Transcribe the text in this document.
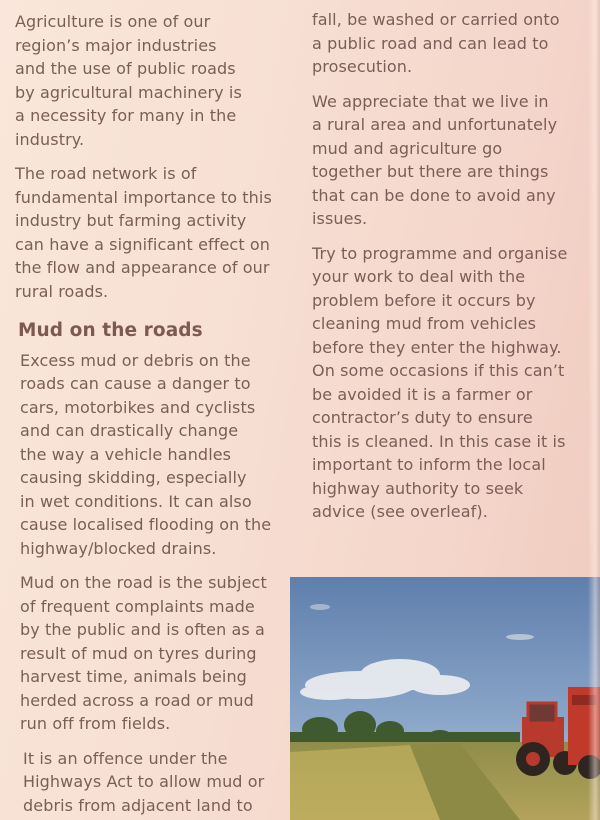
Agriculture is one of our
region’s major industries
and the use of public roads
by agricultural machinery is
a necessity for many in the
industry.

The road network is of
fundamental importance to this
industry but farming activity
can have a significant effect on
the flow and appearance of our
rural roads.

Mud on the roads

Excess mud or debris on the
roads can cause a danger to
cars, motorbikes and cyclists
and can drastically change
the way a vehicle handles
causing skidding, especially
in wet conditions. It can also
cause localised flooding on the
highway/blocked drains.

Mud on the road is the subject
of frequent complaints made
by the public and is often as a
result of mud on tyres during
harvest time, animals being
herded across a road or mud
run off from fields.

It is an offence under the
Highways Act to allow mud or
debris from adjacent land to

fall, be washed or carried onto
a public road and can lead to
prosecution.

We appreciate that we live in
a rural area and unfortunately
mud and agriculture go
together but there are things
that can be done to avoid any
issues.

Try to programme and organise
your work to deal with the
problem before it occurs by
cleaning mud from vehicles
before they enter the highway.
On some occasions if this can’t
be avoided it is a farmer or
contractor’s duty to ensure
this is cleaned. In this case it is
important to inform the local
highway authority to seek
advice (see overleaf).
